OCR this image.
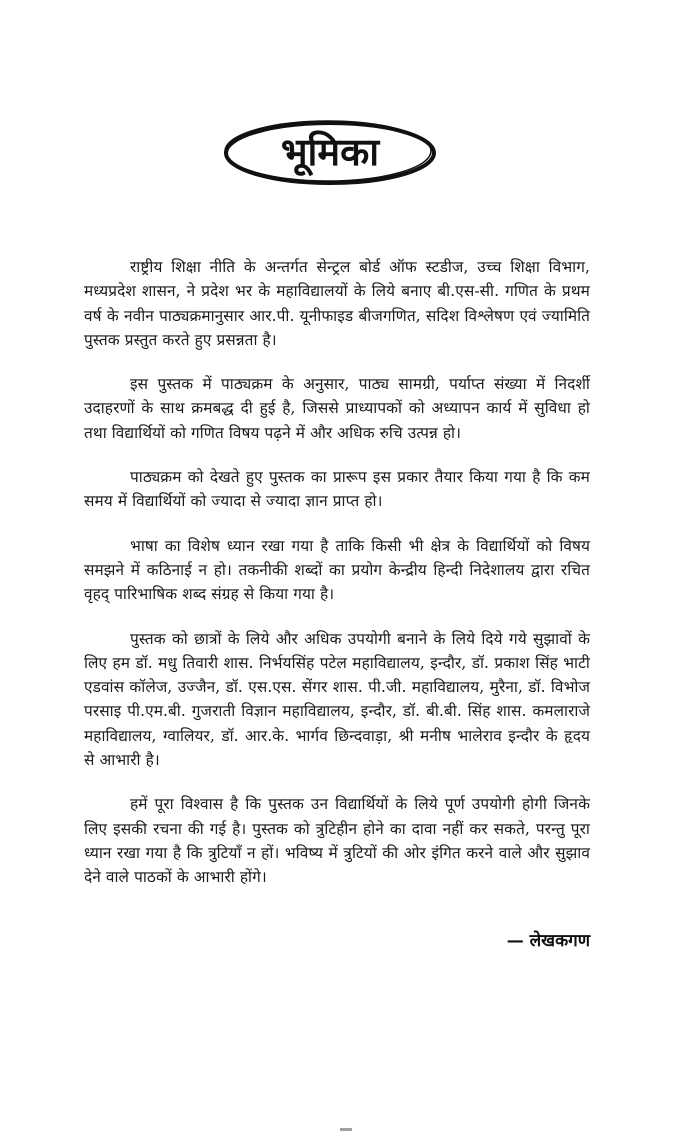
भूमिका

राष्ट्रीय शिक्षा नीति के अन्तर्गत सेन्ट्रल बोर्ड ऑफ स्टडीज, उच्च शिक्षा विभाग, मध्यप्रदेश शासन, ने प्रदेश भर के महाविद्यालयों के लिये बनाए बी.एस-सी. गणित के प्रथम वर्ष के नवीन पाठ्यक्रमानुसार आर.पी. यूनीफाइड बीजगणित, सदिश विश्लेषण एवं ज्यामिति पुस्तक प्रस्तुत करते हुए प्रसन्नता है।

इस पुस्तक में पाठ्यक्रम के अनुसार, पाठ्य सामग्री, पर्याप्त संख्या में निदर्शी उदाहरणों के साथ क्रमबद्ध दी हुई है, जिससे प्राध्यापकों को अध्यापन कार्य में सुविधा हो तथा विद्यार्थियों को गणित विषय पढ़ने में और अधिक रुचि उत्पन्न हो।

पाठ्यक्रम को देखते हुए पुस्तक का प्रारूप इस प्रकार तैयार किया गया है कि कम समय में विद्यार्थियों को ज्यादा से ज्यादा ज्ञान प्राप्त हो।

भाषा का विशेष ध्यान रखा गया है ताकि किसी भी क्षेत्र के विद्यार्थियों को विषय समझने में कठिनाई न हो। तकनीकी शब्दों का प्रयोग केन्द्रीय हिन्दी निदेशालय द्वारा रचित वृहद् पारिभाषिक शब्द संग्रह से किया गया है।

पुस्तक को छात्रों के लिये और अधिक उपयोगी बनाने के लिये दिये गये सुझावों के लिए हम डॉ. मधु तिवारी शास. निर्भयसिंह पटेल महाविद्यालय, इन्दौर, डॉ. प्रकाश सिंह भाटी एडवांस कॉलेज, उज्जैन, डॉ. एस.एस. सेंगर शास. पी.जी. महाविद्यालय, मुरैना, डॉ. विभोज परसाइ पी.एम.बी. गुजराती विज्ञान महाविद्यालय, इन्दौर, डॉ. बी.बी. सिंह शास. कमलाराजे महाविद्यालय, ग्वालियर, डॉ. आर.के. भार्गव छिन्दवाड़ा, श्री मनीष भालेराव इन्दौर के हृदय से आभारी है।

हमें पूरा विश्वास है कि पुस्तक उन विद्यार्थियों के लिये पूर्ण उपयोगी होगी जिनके लिए इसकी रचना की गई है। पुस्तक को त्रुटिहीन होने का दावा नहीं कर सकते, परन्तु पूरा ध्यान रखा गया है कि त्रुटियाँ न हों। भविष्य में त्रुटियों की ओर इंगित करने वाले और सुझाव देने वाले पाठकों के आभारी होंगे।

— लेखकगण
